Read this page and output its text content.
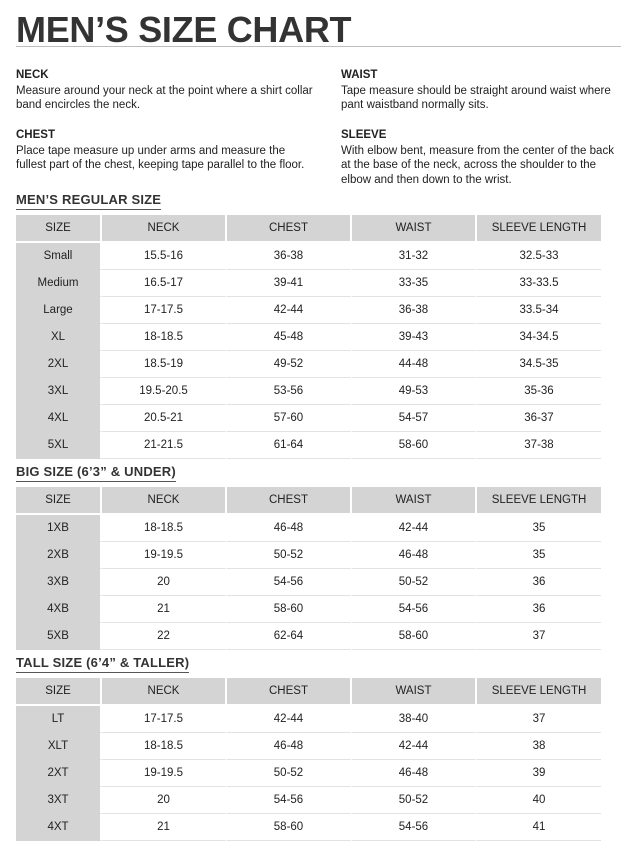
MEN’S SIZE CHART
NECK

Measure around your neck at the point where a shirt collar band encircles the neck.

CHEST

Place tape measure up under arms and measure the fullest part of the chest, keeping tape parallel to the floor.

WAIST

Tape measure should be straight around waist where pant waistband normally sits.

SLEEVE

With elbow bent, measure from the center of the back at the base of the neck, across the shoulder to the elbow and then down to the wrist.

MEN’S REGULAR SIZE
SIZE	NECK	CHEST	WAIST	SLEEVE LENGTH
Small	15.5-16	36-38	31-32	32.5-33
Medium	16.5-17	39-41	33-35	33-33.5
Large	17-17.5	42-44	36-38	33.5-34
XL	18-18.5	45-48	39-43	34-34.5
2XL	18.5-19	49-52	44-48	34.5-35
3XL	19.5-20.5	53-56	49-53	35-36
4XL	20.5-21	57-60	54-57	36-37
5XL	21-21.5	61-64	58-60	37-38
BIG SIZE (6’3” & UNDER)
SIZE	NECK	CHEST	WAIST	SLEEVE LENGTH
1XB	18-18.5	46-48	42-44	35
2XB	19-19.5	50-52	46-48	35
3XB	20	54-56	50-52	36
4XB	21	58-60	54-56	36
5XB	22	62-64	58-60	37
TALL SIZE (6’4” & TALLER)
SIZE	NECK	CHEST	WAIST	SLEEVE LENGTH
LT	17-17.5	42-44	38-40	37
XLT	18-18.5	46-48	42-44	38
2XT	19-19.5	50-52	46-48	39
3XT	20	54-56	50-52	40
4XT	21	58-60	54-56	41
